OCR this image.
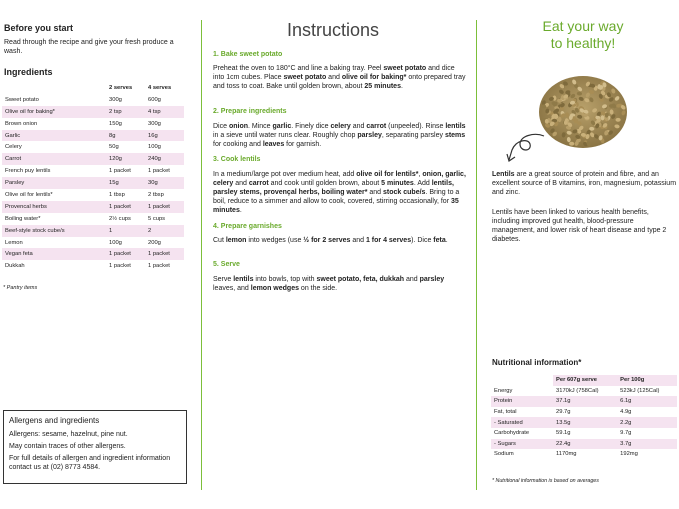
Before you start
Read through the recipe and give your fresh produce a wash.
Ingredients
	2 serves	4 serves
Sweet potato	300g	600g
Olive oil for baking*	2 tsp	4 tsp
Brown onion	150g	300g
Garlic	8g	16g
Celery	50g	100g
Carrot	120g	240g
French puy lentils	1 packet	1 packet
Parsley	15g	30g
Olive oil for lentils*	1 tbsp	2 tbsp
Provencal herbs	1 packet	1 packet
Boiling water*	2½ cups	5 cups
Beef-style stock cube/s	1	2
Lemon	100g	200g
Vegan feta	1 packet	1 packet
Dukkah	1 packet	1 packet
* Pantry items
Allergens and ingredients
Allergens: sesame, hazelnut, pine nut.
May contain traces of other allergens.
For full details of allergen and ingredient information contact us at (02) 8773 4584.
Instructions
1. Bake sweet potato
Preheat the oven to 180°C and line a baking tray. Peel sweet potato and dice into 1cm cubes. Place sweet potato and olive oil for baking* onto prepared tray and toss to coat. Bake until golden brown, about 25 minutes.
2. Prepare ingredients
Dice onion. Mince garlic. Finely dice celery and carrot (unpeeled). Rinse lentils in a sieve until water runs clear. Roughly chop parsley, separating parsley stems for cooking and leaves for garnish.
3. Cook lentils
In a medium/large pot over medium heat, add olive oil for lentils*, onion, garlic, celery and carrot and cook until golden brown, about 5 minutes. Add lentils, parsley stems, provençal herbs, boiling water* and stock cube/s. Bring to a boil, reduce to a simmer and allow to cook, covered, stirring occasionally, for 35 minutes.
4. Prepare garnishes
Cut lemon into wedges (use ½ for 2 serves and 1 for 4 serves). Dice feta.
5. Serve
Serve lentils into bowls, top with sweet potato, feta, dukkah and parsley leaves, and lemon wedges on the side.
Eat your way
to healthy!
Lentils are a great source of protein and fibre, and an excellent source of B vitamins, iron, magnesium, potassium and zinc.
Lentils have been linked to various health benefits, including improved gut health, blood-pressure management, and lower risk of heart disease and type 2 diabetes.
Nutritional information*
	Per 607g serve	Per 100g
Energy	3170kJ (758Cal)	523kJ (125Cal)
Protein	37.1g	6.1g
Fat, total	29.7g	4.9g
- Saturated	13.5g	2.2g
Carbohydrate	59.1g	9.7g
- Sugars	22.4g	3.7g
Sodium	1170mg	192mg
* Nutritional information is based on averages
